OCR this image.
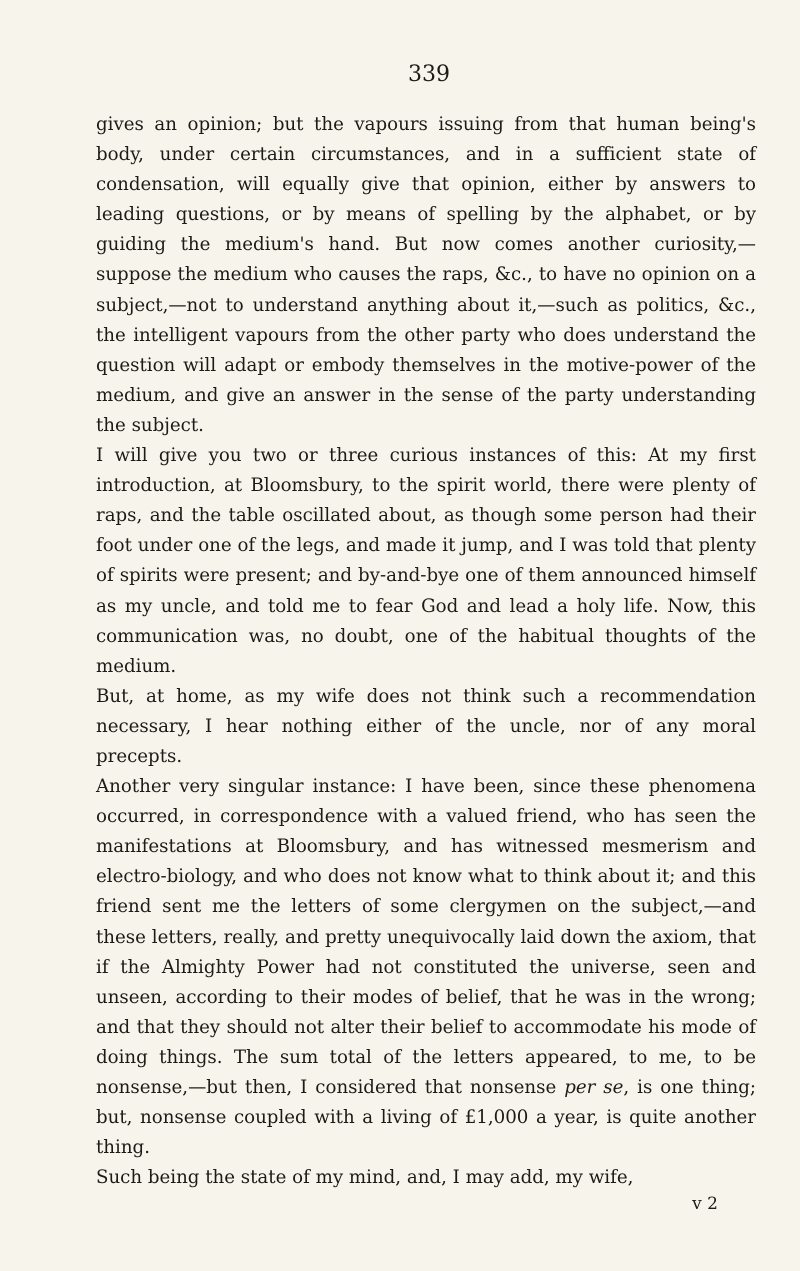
339

gives an opinion; but the vapours issuing from that human being's body, under certain circumstances, and in a sufficient state of condensation, will equally give that opinion, either by answers to leading questions, or by means of spelling by the alphabet, or by guiding the medium's hand. But now comes another curiosity,—suppose the medium who causes the raps, &c., to have no opinion on a subject,—not to understand anything about it,—such as politics, &c., the intelligent vapours from the other party who does understand the question will adapt or embody themselves in the motive-power of the medium, and give an answer in the sense of the party understanding the subject.

I will give you two or three curious instances of this: At my first introduction, at Bloomsbury, to the spirit world, there were plenty of raps, and the table oscillated about, as though some person had their foot under one of the legs, and made it jump, and I was told that plenty of spirits were present; and by-and-bye one of them announced himself as my uncle, and told me to fear God and lead a holy life. Now, this communication was, no doubt, one of the habitual thoughts of the medium.

But, at home, as my wife does not think such a recommendation necessary, I hear nothing either of the uncle, nor of any moral precepts.

Another very singular instance: I have been, since these phenomena occurred, in correspondence with a valued friend, who has seen the manifestations at Bloomsbury, and has witnessed mesmerism and electro-biology, and who does not know what to think about it; and this friend sent me the letters of some clergymen on the subject,—and these letters, really, and pretty unequivocally laid down the axiom, that if the Almighty Power had not constituted the universe, seen and unseen, according to their modes of belief, that he was in the wrong; and that they should not alter their belief to accommodate his mode of doing things. The sum total of the letters appeared, to me, to be nonsense,—but then, I considered that nonsense per se, is one thing; but, nonsense coupled with a living of £1,000 a year, is quite another thing.

Such being the state of my mind, and, I may add, my wife,

v 2
